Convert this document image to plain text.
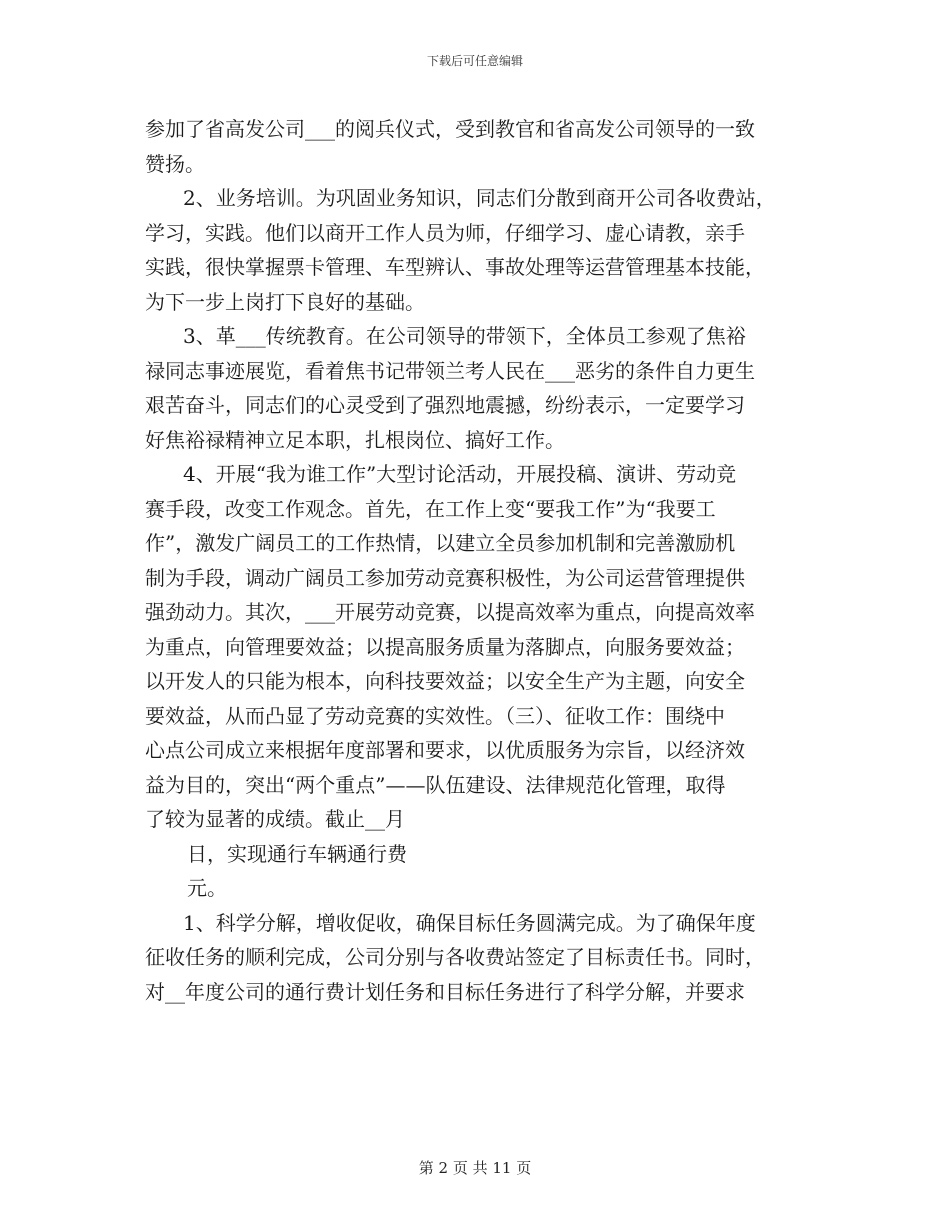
下载后可任意编辑
参加了省高发公司___的阅兵仪式，受到教官和省高发公司领导的一致
赞扬。
2、业务培训。为巩固业务知识，同志们分散到商开公司各收费站，
学习，实践。他们以商开工作人员为师，仔细学习、虚心请教，亲手
实践，很快掌握票卡管理、车型辨认、事故处理等运营管理基本技能，
为下一步上岗打下良好的基础。
3、革___传统教育。在公司领导的带领下，全体员工参观了焦裕
禄同志事迹展览，看着焦书记带领兰考人民在___恶劣的条件自力更生
艰苦奋斗，同志们的心灵受到了强烈地震撼，纷纷表示，一定要学习
好焦裕禄精神立足本职，扎根岗位、搞好工作。
4、开展“我为谁工作”大型讨论活动，开展投稿、演讲、劳动竞
赛手段，改变工作观念。首先，在工作上变“要我工作”为“我要工
作”，激发广阔员工的工作热情，以建立全员参加机制和完善激励机
制为手段，调动广阔员工参加劳动竞赛积极性，为公司运营管理提供
强劲动力。其次，___开展劳动竞赛，以提高效率为重点，向提高效率
为重点，向管理要效益；以提高服务质量为落脚点，向服务要效益；
以开发人的只能为根本，向科技要效益；以安全生产为主题，向安全
要效益，从而凸显了劳动竞赛的实效性。（三）、征收工作：围绕中
心点公司成立来根据年度部署和要求，以优质服务为宗旨，以经济效
益为目的，突出“两个重点”——队伍建设、法律规范化管理，取得
了较为显著的成绩。截止__月
日，实现通行车辆通行费
元。
1、科学分解，增收促收，确保目标任务圆满完成。为了确保年度
征收任务的顺利完成，公司分别与各收费站签定了目标责任书。同时，
对__年度公司的通行费计划任务和目标任务进行了科学分解，并要求
第 2 页 共 11 页
